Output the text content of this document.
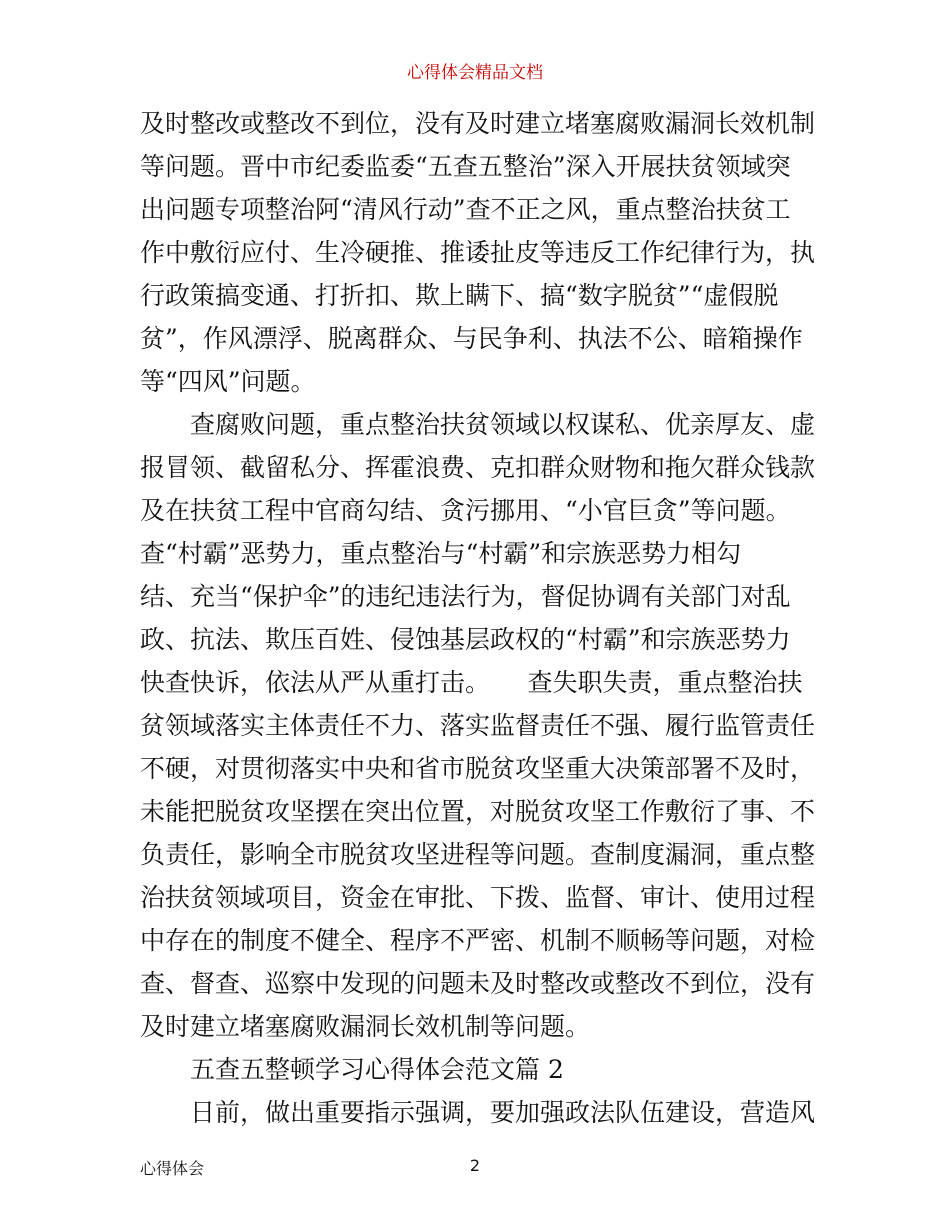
心得体会精品文档
及时整改或整改不到位，没有及时建立堵塞腐败漏洞长效机制
等问题。晋中市纪委监委“五查五整治”深入开展扶贫领域突
出问题专项整治阿“清风行动”查不正之风，重点整治扶贫工
作中敷衍应付、生冷硬推、推诿扯皮等违反工作纪律行为，执
行政策搞变通、打折扣、欺上瞒下、搞“数字脱贫”“虚假脱
贫”，作风漂浮、脱离群众、与民争利、执法不公、暗箱操作
等“四风”问题。
查腐败问题，重点整治扶贫领域以权谋私、优亲厚友、虚
报冒领、截留私分、挥霍浪费、克扣群众财物和拖欠群众钱款
及在扶贫工程中官商勾结、贪污挪用、“小官巨贪”等问题。
查“村霸”恶势力，重点整治与“村霸”和宗族恶势力相勾
结、充当“保护伞”的违纪违法行为，督促协调有关部门对乱
政、抗法、欺压百姓、侵蚀基层政权的“村霸”和宗族恶势力
快查快诉，依法从严从重打击。　　查失职失责，重点整治扶
贫领域落实主体责任不力、落实监督责任不强、履行监管责任
不硬，对贯彻落实中央和省市脱贫攻坚重大决策部署不及时，
未能把脱贫攻坚摆在突出位置，对脱贫攻坚工作敷衍了事、不
负责任，影响全市脱贫攻坚进程等问题。查制度漏洞，重点整
治扶贫领域项目，资金在审批、下拨、监督、审计、使用过程
中存在的制度不健全、程序不严密、机制不顺畅等问题，对检
查、督查、巡察中发现的问题未及时整改或整改不到位，没有
及时建立堵塞腐败漏洞长效机制等问题。
五查五整顿学习心得体会范文篇 2
日前，做出重要指示强调，要加强政法队伍建设，营造风
心得体会	2
